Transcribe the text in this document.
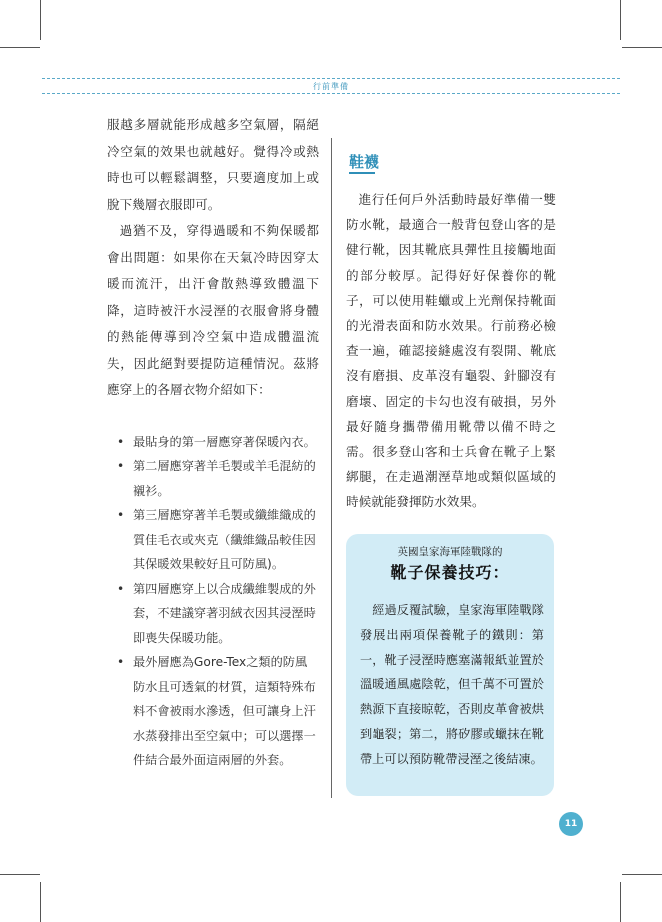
行前準備

服越多層就能形成越多空氣層，隔絕冷空氣的效果也就越好。覺得冷或熱時也可以輕鬆調整，只要適度加上或脫下幾層衣服即可。

過猶不及，穿得過暖和不夠保暖都會出問題：如果你在天氣冷時因穿太暖而流汗，出汗會散熱導致體溫下降，這時被汗水浸溼的衣服會將身體的熱能傳導到冷空氣中造成體溫流失，因此絕對要提防這種情況。茲將應穿上的各層衣物介紹如下：

• 最貼身的第一層應穿著保暖內衣。
• 第二層應穿著羊毛製或羊毛混紡的襯衫。
• 第三層應穿著羊毛製或纖維織成的質佳毛衣或夾克（纖維織品較佳因其保暖效果較好且可防風)。
• 第四層應穿上以合成纖維製成的外套，不建議穿著羽絨衣因其浸溼時即喪失保暖功能。
• 最外層應為Gore-Tex之類的防風防水且可透氣的材質，這類特殊布料不會被雨水滲透，但可讓身上汗水蒸發排出至空氣中；可以選擇一件結合最外面這兩層的外套。
鞋襪

進行任何戶外活動時最好準備一雙防水靴，最適合一般背包登山客的是健行靴，因其靴底具彈性且接觸地面的部分較厚。記得好好保養你的靴子，可以使用鞋蠟或上光劑保持靴面的光滑表面和防水效果。行前務必檢查一遍，確認接縫處沒有裂開、靴底沒有磨損、皮革沒有龜裂、針腳沒有磨壞、固定的卡勾也沒有破損，另外最好隨身攜帶備用靴帶以備不時之需。很多登山客和士兵會在靴子上緊綁腿，在走過潮溼草地或類似區域的時候就能發揮防水效果。

英國皇家海軍陸戰隊的
靴子保養技巧：

經過反覆試驗，皇家海軍陸戰隊發展出兩項保養靴子的鐵則：第一，靴子浸溼時應塞滿報紙並置於溫暖通風處陰乾，但千萬不可置於熱源下直接晾乾，否則皮革會被烘到龜裂；第二，將矽膠或蠟抹在靴帶上可以預防靴帶浸溼之後結凍。

11
